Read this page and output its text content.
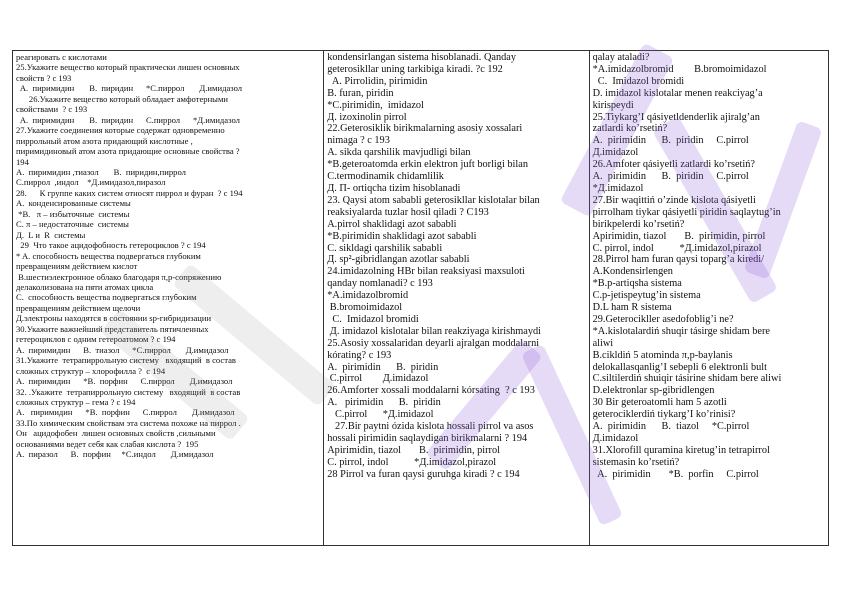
реагировать с кислотами
25.Укажите вещество который практически лишен основных
свойств ? с 193
A.  пиримидин       B.  пиридин      *C.пиррол       Д.имидазол
26.Укажите вещество который обладает амфотерными
свойствами  ? с 193
A.  пиримидин       B.  пиридин      C.пиррол      *Д.имидазол
27.Укажите соединения которые содержат одновременно
пиррольный атом азота придающий кислотные ,
пиримидиновый атом азота придающие основные свойства ?
194
A.  пиримидин ,тиазол       B.  пиридин,пиррол
C.пиррол  ,индол    *Д.имидазол,пиразол
28.      К группе каких систем относят пиррол и фуран  ? с 194
A.  конденсированные системы
*B.   π – избыточные  системы
C. π – недостаточные  системы
Д.  L и  R  системы
29  Что такое ацидофобность гетероциклов ? с 194
* A. способность вещества подвергаться глубоким
превращениям действием кислот
B.шестиэлектронное облако благодаря π,р-сопряжению
делаколизована на пяти атомах цикла
C.  способность вещества подвергаться глубоким
превращениям действием щелочи
Д.электроны находятся в состоянии sp-гибридизации
30.Укажите важнейший представитель пятичленных
гетероциклов с одним гетероатомом ? с 194
A.  пиримидин      B.  тиазол      *C.пиррол       Д.имидазол
31.Укажите  тетрапиррольную систему   входящий  в состав
сложных структур – хлорофилла ?  с 194
A.  пиримидин      *B.  порфин      C.пиррол       Д.имидазол
32. .Укажите  тетрапиррольную систему   входящий  в состав
сложных структур – гема ? с 194
A.   пиримидин      *B.  порфин      C.пиррол       Д.имидазол
33.По химическим свойствам эта система похоже на пиррол .
Он   ацидофобен  лишен основных свойств ,сильными
основаниями ведет себя как слабая кислота ?  195
A.  пиразол      B.  порфин     *C.индол       Д.имидазол
kondensirlangan sistema hisoblanadi. Qanday
geterosikllar uning tarkibiga kiradi. ?c 192
A. Pirrolidin, pirimidin
B. furan, piridin
*C.pirimidin,  imidazol
Д. izoxinolin pirrol
22.Geterosiklik birikmalarning asosiy xossalari
nimaga ? c 193
A. sikda qarshilik mavjudligi bilan
*B.geteroatomda erkin elektron juft borligi bilan
C.termodinamik chidamlilik
Д. П- ortiqcha tizim hisoblanadi
23. Qaysi atom sababli geterosikllar kislotalar bilan
reaksiyalarda tuzlar hosil qiladi ? C193
A.pirrol shaklidagi azot sababli
*B.pirimidin shaklidagi azot sababli
C. sikldagi qarshilik sababli
Д. sp²-gibridlangan azotlar sababli
24.imidazolning HBr bilan reaksiyasi maxsuloti
qanday nomlanadi? c 193
*A.imidazolbromid
B.bromoimidazol
C.  Imidazol bromidi
Д. imidazol kislotalar bilan reakziyaga kirishmaydi
25.Asosiy xossalaridan deyarli ajralgan moddalarni
kórating? c 193
A.  pirimidin      B.  piridin
C.pirrol        Д.imidazol
26.Amforter xossali moddalarni kórsating  ? c 193
A.   pirimidin      B.  piridin
C.pirrol      *Д.imidazol
27.Bir paytni ózida kislota hossali pirrol va asos
hossali pirimidin saqlaydigan birikmalarni ? 194
Apirimidin, tiazol       B.  pirimidin, pirrol
C. pirrol, indol          *Д.imidazol,pirazol
28 Pirrol va furan qaysi guruhga kiradi ? c 194
qalay ataladi?
*A.imidazolbromid        B.bromoimidazol
C.  Imidazol bromidi
D. imidazol kislotalar menen reakciyag’a
kirispeydi
25.Tiykarg’I qásiyetldenderlik ajiralg’an
zatlardi ko’rsetiń?
A.  pirimidin      B.  piridin     C.pirrol
Д.imidazol
26.Amfoter qásiyetli zatlardi ko’rsetiń?
A.  pirimidin      B.  piridin     C.pirrol
*Д.imidazol
27.Bir waqittiń o’zinde kislota qásiyetli
pirrolham tiykar qásiyetli piridin saqlaytug’in
birikpelerdi ko’rsetiń?
Apirimidin, tiazol       B.  pirimidin, pirrol
C. pirrol, indol          *Д.imidazol,pirazol
28.Pirrol ham furan qaysi toparg’a kiredi/
A.Kondensirlengen
*B.p-artiqsha sistema
C.p-jetispeytug’in sistema
D.L ham R sistema
29.Geterocikller asedofoblig’i ne?
*A.kislotalardiń shuqir tásirge shidam bere
aliwi
B.cikldiń 5 atominda π,p-baylanis
delokallasqanlig’I sebepli 6 elektronli bult
C.siltilerdiń shuiqir tásirine shidam bere aliwi
D.elektronlar sp-gibridlengen
30 Bir geteroatomli ham 5 azotli
geterociklerdiń tiykarg’I ko’rinisi?
A.  pirimidin      B.  tiazol     *C.pirrol
Д.imidazol
31.Xlorofill quramina kiretug’in tetrapirrol
sistemasin ko’rsetiń?
A.  pirimidin       *B.  porfin     C.pirrol
